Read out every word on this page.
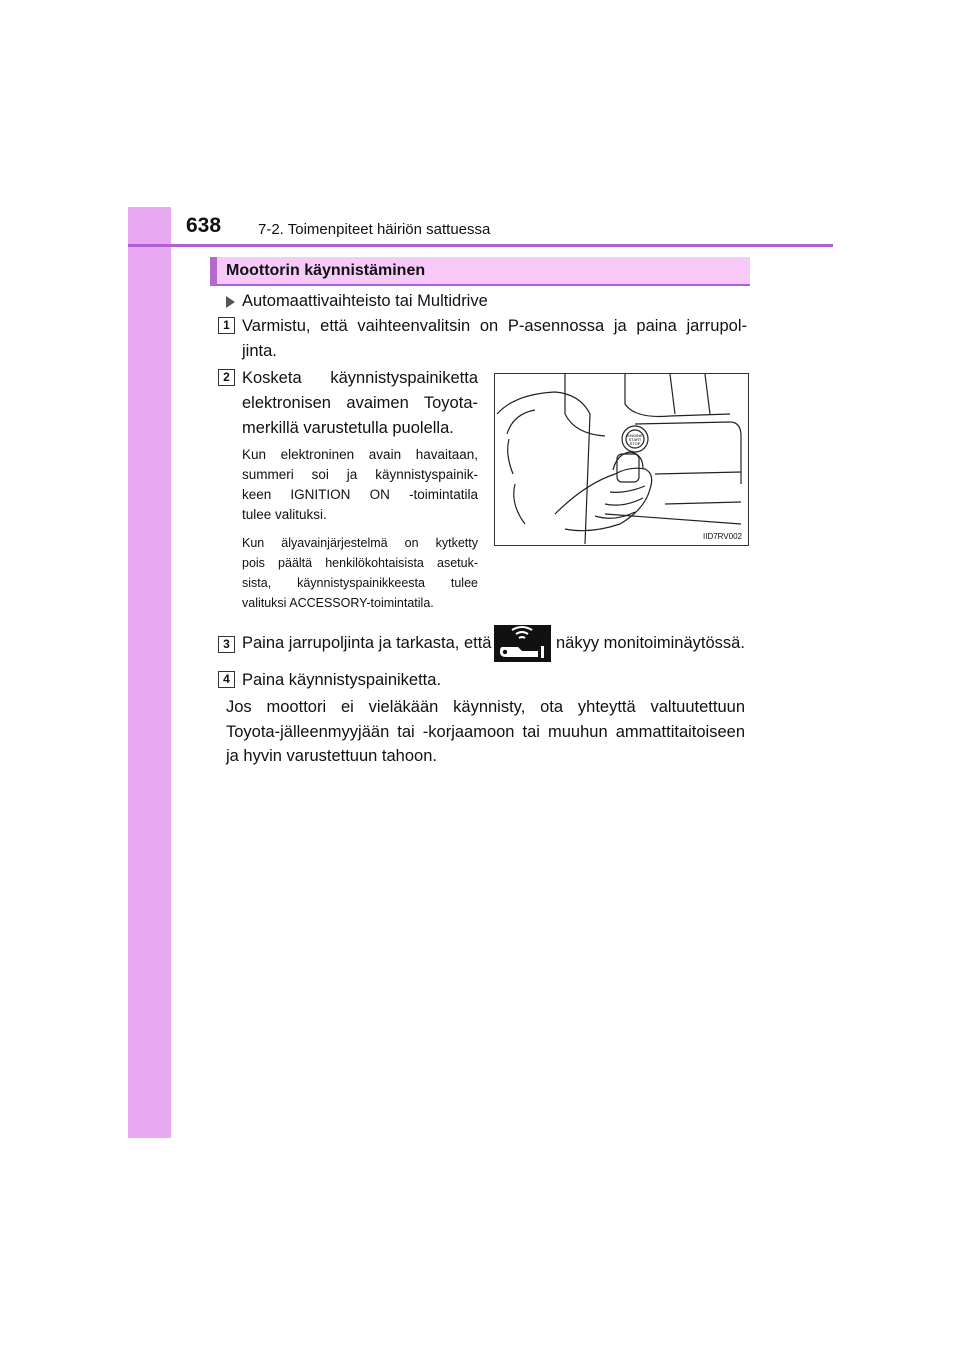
638 7-2. Toimenpiteet häiriön sattuessa
Moottorin käynnistäminen
Automaattivaihteisto tai Multidrive
1 Varmistu, että vaihteenvalitsin on P-asennossa ja paina jarrupol-
jinta.
2 Kosketa käynnistyspainiketta
elektronisen avaimen Toyota-
merkillä varustetulla puolella.
Kun elektroninen avain havaitaan,
summeri soi ja käynnistyspainik-
keen IGNITION ON -toimintatila
tulee valituksi.
Kun älyavainjärjestelmä on kytketty
pois päältä henkilökohtaisista asetuk-
sista, käynnistyspainikkeesta tulee
valituksi ACCESSORY-toimintatila.
ENGINE
START
STOP
IID7RV002
3 Paina jarrupoljinta ja tarkasta, että	näkyy monitoiminäytössä.
4 Paina käynnistyspainiketta.
Jos moottori ei vieläkään käynnisty, ota yhteyttä valtuutettuun
Toyota-jälleenmyyjään tai -korjaamoon tai muuhun ammattitaitoiseen
ja hyvin varustettuun tahoon.
